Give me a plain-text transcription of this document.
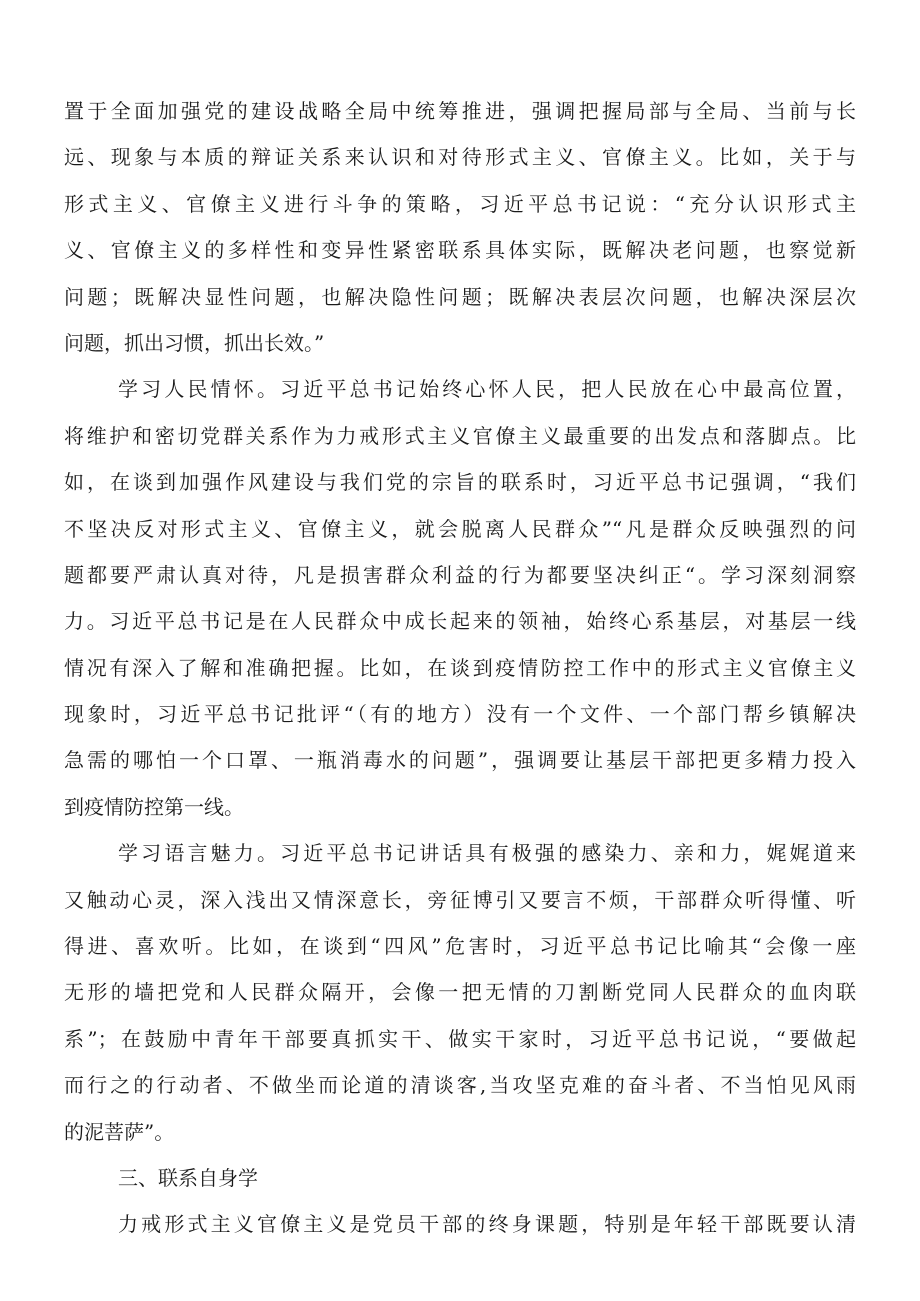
置于全面加强党的建设战略全局中统筹推进，强调把握局部与全局、当前与长
远、现象与本质的辩证关系来认识和对待形式主义、官僚主义。比如，关于与
形式主义、官僚主义进行斗争的策略，习近平总书记说：“充分认识形式主
义、官僚主义的多样性和变异性紧密联系具体实际，既解决老问题，也察觉新
问题；既解决显性问题，也解决隐性问题；既解决表层次问题，也解决深层次
问题，抓出习惯，抓出长效。”
学习人民情怀。习近平总书记始终心怀人民，把人民放在心中最高位置，
将维护和密切党群关系作为力戒形式主义官僚主义最重要的出发点和落脚点。比
如，在谈到加强作风建设与我们党的宗旨的联系时，习近平总书记强调，“我们
不坚决反对形式主义、官僚主义，就会脱离人民群众”“凡是群众反映强烈的问
题都要严肃认真对待，凡是损害群众利益的行为都要坚决纠正“。学习深刻洞察
力。习近平总书记是在人民群众中成长起来的领袖，始终心系基层，对基层一线
情况有深入了解和准确把握。比如，在谈到疫情防控工作中的形式主义官僚主义
现象时，习近平总书记批评“（有的地方）没有一个文件、一个部门帮乡镇解决
急需的哪怕一个口罩、一瓶消毒水的问题”，强调要让基层干部把更多精力投入
到疫情防控第一线。
学习语言魅力。习近平总书记讲话具有极强的感染力、亲和力，娓娓道来
又触动心灵，深入浅出又情深意长，旁征博引又要言不烦，干部群众听得懂、听
得进、喜欢听。比如，在谈到“四风”危害时，习近平总书记比喻其“会像一座
无形的墙把党和人民群众隔开，会像一把无情的刀割断党同人民群众的血肉联
系”；在鼓励中青年干部要真抓实干、做实干家时，习近平总书记说，“要做起
而行之的行动者、不做坐而论道的清谈客,当攻坚克难的奋斗者、不当怕见风雨
的泥菩萨”。
三、联系自身学
力戒形式主义官僚主义是党员干部的终身课题，特别是年轻干部既要认清
